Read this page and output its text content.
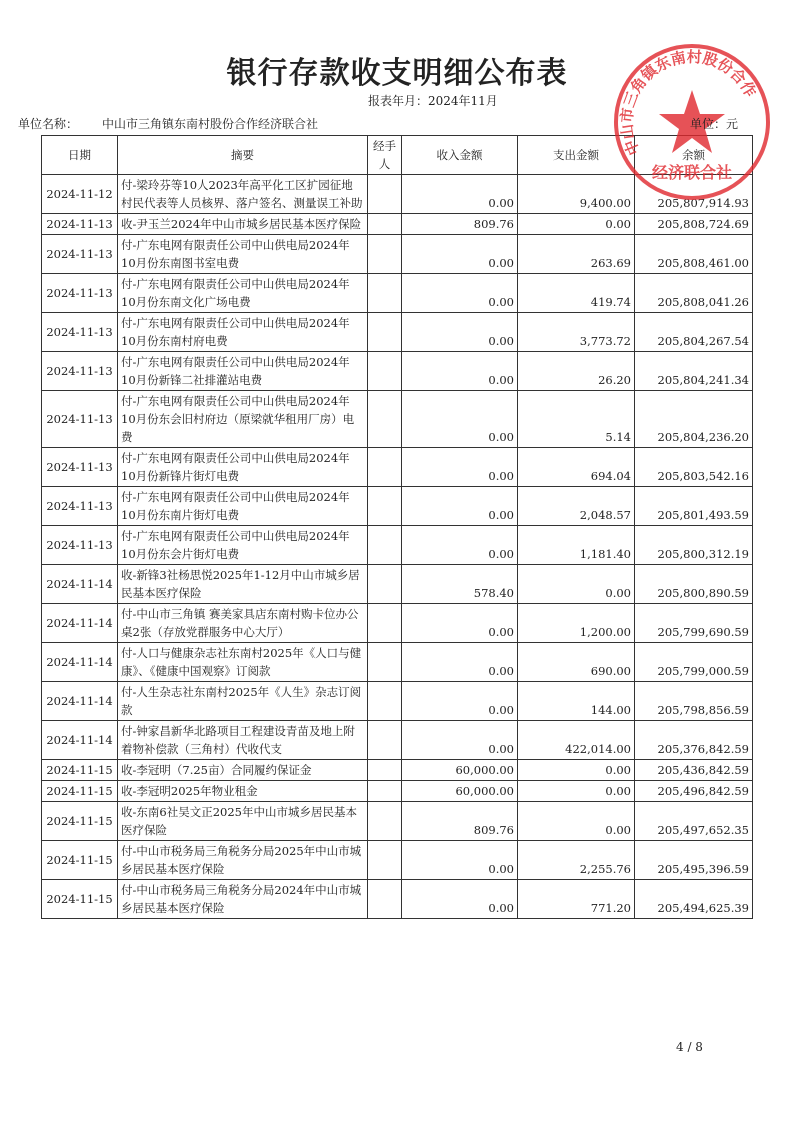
银行存款收支明细公布表
报表年月：2024年11月
单位名称： 中山市三角镇东南村股份合作经济联合社
日期	摘要	经手人	收入金额	支出金额	余额
2024-11-12	付-梁玲芬等10人2023年高平化工区扩园征地村民代表等人员核界、落户签名、测量误工补助		0.00	9,400.00	205,807,914.93
2024-11-13	收-尹玉兰2024年中山市城乡居民基本医疗保险		809.76	0.00	205,808,724.69
2024-11-13	付-广东电网有限责任公司中山供电局2024年10月份东南图书室电费		0.00	263.69	205,808,461.00
2024-11-13	付-广东电网有限责任公司中山供电局2024年10月份东南文化广场电费		0.00	419.74	205,808,041.26
2024-11-13	付-广东电网有限责任公司中山供电局2024年10月份东南村府电费		0.00	3,773.72	205,804,267.54
2024-11-13	付-广东电网有限责任公司中山供电局2024年10月份新锋二社排灌站电费		0.00	26.20	205,804,241.34
2024-11-13	付-广东电网有限责任公司中山供电局2024年10月份东会旧村府边（原梁就华租用厂房）电费		0.00	5.14	205,804,236.20
2024-11-13	付-广东电网有限责任公司中山供电局2024年10月份新锋片街灯电费		0.00	694.04	205,803,542.16
2024-11-13	付-广东电网有限责任公司中山供电局2024年10月份东南片街灯电费		0.00	2,048.57	205,801,493.59
2024-11-13	付-广东电网有限责任公司中山供电局2024年10月份东会片街灯电费		0.00	1,181.40	205,800,312.19
2024-11-14	收-新锋3社杨思悦2025年1-12月中山市城乡居民基本医疗保险		578.40	0.00	205,800,890.59
2024-11-14	付-中山市三角镇 赛美家具店东南村购卡位办公桌2张（存放党群服务中心大厅）		0.00	1,200.00	205,799,690.59
2024-11-14	付-人口与健康杂志社东南村2025年《人口与健康》、《健康中国观察》订阅款		0.00	690.00	205,799,000.59
2024-11-14	付-人生杂志社东南村2025年《人生》杂志订阅款		0.00	144.00	205,798,856.59
2024-11-14	付-钟家昌新华北路项目工程建设青苗及地上附着物补偿款（三角村）代收代支		0.00	422,014.00	205,376,842.59
2024-11-15	收-李冠明（7.25亩）合同履约保证金		60,000.00	0.00	205,436,842.59
2024-11-15	收-李冠明2025年物业租金		60,000.00	0.00	205,496,842.59
2024-11-15	收-东南6社吴文正2025年中山市城乡居民基本医疗保险		809.76	0.00	205,497,652.35
2024-11-15	付-中山市税务局三角税务分局2025年中山市城乡居民基本医疗保险		0.00	2,255.76	205,495,396.59
2024-11-15	付-中山市税务局三角税务分局2024年中山市城乡居民基本医疗保险		0.00	771.20	205,494,625.39
4 / 8
中山市三角镇东南村股份合作
经济联合社
单位：元
